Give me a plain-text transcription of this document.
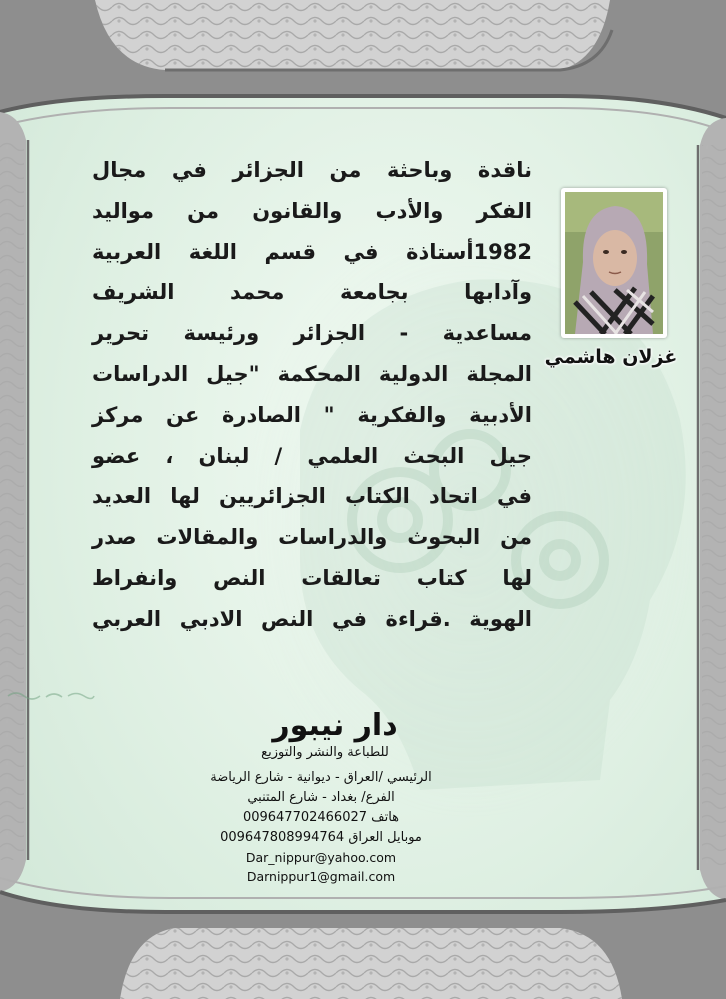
ناقدة وباحثة من الجزائر في مجال
الفكر والأدب والقانون من مواليد
1982أستاذة في قسم اللغة العربية
وآدابها بجامعة محمد الشريف
مساعدية - الجزائر ورئيسة تحرير
المجلة الدولية المحكمة "جيل الدراسات
الأدبية والفكرية " الصادرة عن مركز
جيل البحث العلمي / لبنان ، عضو
في اتحاد الكتاب الجزائريين لها العديد
من البحوث والدراسات والمقالات صدر
لها كتاب تعالقات النص وانفراط
الهوية .قراءة في النص الادبي العربي
غزلان هاشمي
دار نيبور
للطباعة والنشر والتوزيع
الرئيسي /العراق - ديوانية - شارع الرياضة
الفرع/ بغداد - شارع المتنبي
هاتف 009647702466027
موبايل العراق 009647808994764
Dar_nippur@yahoo.com
Darnippur1@gmail.com
